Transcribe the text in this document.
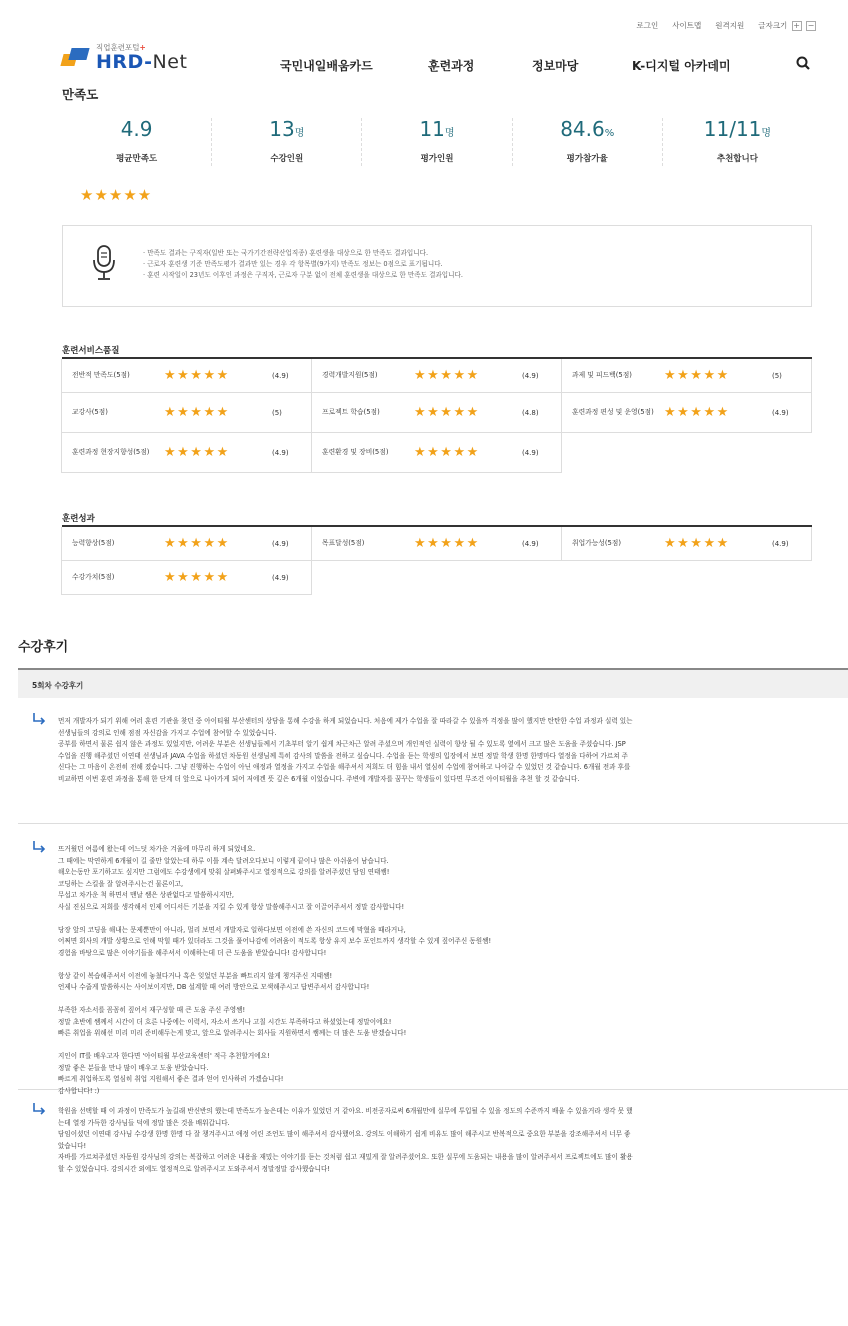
로그인 사이트맵 원격지원 글자크기 + −
직업훈련포털+
HRD-Net	국민내일배움카드	훈련과정	정보마당	K-디지털 아카데미
만족도
4.9
평균만족도
13명
수강인원
11명
평가인원
84.6%
평가참가율
11/11명
추천합니다
★★★★★
· 만족도 결과는 구직자(일반 또는 국가기간전략산업직종) 훈련생을 대상으로 한 만족도 결과입니다.
· 근로자 훈련생 기준 만족도평가 결과만 있는 경우 각 항목별(9가지) 만족도 정보는 0점으로 표기됩니다.
· 훈련 시작일이 23년도 이후인 과정은 구직자, 근로자 구분 없이 전체 훈련생을 대상으로 한 만족도 결과입니다.
훈련서비스품질
전반적 만족도(5점)	★★★★★	(4.9)	경력개발지원(5점)	★★★★★	(4.9)	과제 및 피드백(5점)	★★★★★	(5)
교강사(5점)	★★★★★	(5)	프로젝트 학습(5점)	★★★★★	(4.8)	훈련과정 편성 및 운영(5점) ★★★★★	(4.9)
훈련과정 현장지향성(5점)	★★★★★	(4.9)	훈련환경 및 장비(5점)	★★★★★	(4.9)
훈련성과
능력향상(5점)	★★★★★	(4.9)	목표달성(5점)	★★★★★	(4.9)	취업가능성(5점)	★★★★★	(4.9)
수강가치(5점)	★★★★★	(4.9)
수강후기
5회차 수강후기
먼저 개발자가 되기 위해 여러 훈련 기관을 찾던 중 아이티윌 부산센터의 상담을 통해 수강을 하게 되었습니다. 처음에 제가 수업을 잘 따라갈 수 있을까 걱정을 많이 했지만 탄탄한 수업 과정과 실력 있는
선생님들의 강의로 인해 점점 자신감을 가지고 수업에 참여할 수 있었습니다.
공부를 하면서 물론 쉽지 않은 과정도 있었지만, 어려운 부분은 선생님들께서 기초부터 알기 쉽게 차근차근 알려 주셨으며 개인적인 실력이 향상 될 수 있도록 옆에서 크고 많은 도움을 주셨습니다. JSP
수업을 진행 해주셨던 이연태 선생님과 JAVA 수업을 하셨던 차동원 선생님께 특히 감사의 말씀을 전하고 싶습니다. 수업을 듣는 학생의 입장에서 보면 정말 학생 한명 한명마다 열정을 다하여 가르쳐 주
신다는 그 마음이 온전히 전해 졌습니다. 그냥 진행하는 수업이 아닌 애정과 열정을 가지고 수업을 해주셔서 저희도 더 힘을 내서 열심히 수업에 참여하고 나아갈 수 있었던 것 같습니다. 6개월 전과 후를
비교하면 이번 훈련 과정을 통해 한 단계 더 앞으로 나아가게 되어 저에겐 뜻 깊은 6개월 이었습니다. 주변에 개발자를 꿈꾸는 학생들이 있다면 무조건 아이티윌을 추천 할 것 같습니다.
뜨거웠던 여름에 왔는데 어느덧 차가운 겨울에 마무리 하게 되었네요.
그 때에는 막연하게 6개월이 길 줄만 알았는데 하루 이틀 계속 달려오다보니 이렇게 끝이나 많은 아쉬움이 남습니다.
해오는동안 포기하고도 싶지만 그럼에도 수강생에게 맞춰 살펴봐주시고 열정적으로 강의를 알려주셨던 담임 연태쌤!
코딩하는 스킬을 잘 알려주시는건 물론이고,
무섭고 차가운 척 하면서 맨날 쌤은 상관없다고 말씀하시지만,
사실 진심으로 저희를 생각해서 인제 어디서든 기분을 지킬 수 있게 항상 말씀해주시고 잘 이끌어주셔서 정말 감사합니다!

당장 앞의 코딩을 해내는 문제뿐만이 아니라, 멀리 보면서 개발자로 일하다보면 이전에 쓴 자신의 코드에 막혔을 때라거나,
어쩌면 회사의 개발 상황으로 인해 막힐 때가 있더라도 그것을 풀어나감에 어려움이 적도록 항상 유지 보수 포인트까지 생각할 수 있게 짚어주신 동원쌤!
경험을 바탕으로 많은 이야기들을 해주셔서 이해하는데 더 큰 도움을 받았습니다! 감사합니다!

항상 같이 복습해주셔서 이전에 놓쳤다거나 혹은 잊었던 부분을 빠트리지 않게 챙겨주신 지태쌤!
언제나 수줍게 말씀하시는 사이보이지만, DB 설계할 때 여러 방안으로 모색해주시고 답변주셔서 감사합니다!

부족한 자소서를 꼼꼼히 짚어서 재구성할 때 큰 도움 주신 주영쌤!
정말 초반에 쌤께서 시간이 더 흐른 나중에는 이력서, 자소서 쓰거나 고칠 시간도 부족하다고 하셨었는데 정말이에요!
빠른 취업을 위해선 미리 미리 준비해두는게 맞고, 앞으로 알려주시는 회사들 지원하면서 쌤께는 더 많은 도움 받겠습니다!

지인이 IT를 배우고자 한다면 '아이티윌 부산교육센터' 적극 추천할거에요!
정말 좋은 분들을 만나 많이 배우고 도움 받았습니다.
빠르게 취업하도록 열심히 취업 지원해서 좋은 결과 얻어 인사하러 가겠습니다!
감사합니다! :)
학원을 선택할 때 이 과정이 만족도가 높길래 반신반의 했는데 만족도가 높은데는 이유가 있었던 거 같아요. 비전공자로써 6개월만에 실무에 투입될 수 있을 정도의 수준까지 배울 수 있을거라 생각 못 했
는데 열정 가득한 강사님들 덕에 정말 많은 것을 배워갑니다.
담임이셨던 이연태 강사님 수강생 한명 한명 다 잘 챙겨주시고 애정 어린 조언도 많이 해주셔서 감사했어요. 강의도 이해하기 쉽게 비유도 많이 해주시고 반복적으로 중요한 부분을 강조해주셔서 너무 좋
았습니다!
자바를 가르쳐주셨던 차동원 강사님의 강의는 복잡하고 어려운 내용을 재밌는 이야기를 듣는 것처럼 쉽고 재밌게 잘 알려주셨어요. 또한 실무에 도움되는 내용을 많이 알려주셔서 프로젝트에도 많이 활용
할 수 있었습니다. 강의시간 외에도 열정적으로 알려주시고 도와주셔서 정말정말 감사했습니다!
